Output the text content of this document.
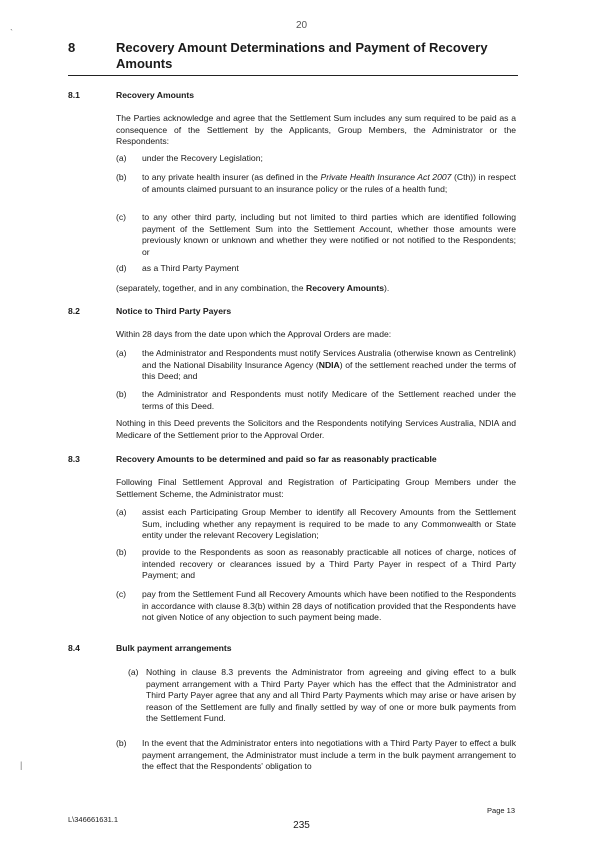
`
|
20
8	Recovery Amount Determinations and Payment of Recovery Amounts
8.1	Recovery Amounts
The Parties acknowledge and agree that the Settlement Sum includes any sum required to be paid as a consequence of the Settlement by the Applicants, Group Members, the Administrator or the Respondents:
(a) under the Recovery Legislation;
(b) to any private health insurer (as defined in the Private Health Insurance Act 2007 (Cth)) in respect of amounts claimed pursuant to an insurance policy or the rules of a health fund;
(c) to any other third party, including but not limited to third parties which are identified following payment of the Settlement Sum into the Settlement Account, whether those amounts were previously known or unknown and whether they were notified or not notified to the Respondents; or
(d) as a Third Party Payment
(separately, together, and in any combination, the Recovery Amounts).
8.2	Notice to Third Party Payers
Within 28 days from the date upon which the Approval Orders are made:
(a) the Administrator and Respondents must notify Services Australia (otherwise known as Centrelink) and the National Disability Insurance Agency (NDIA) of the settlement reached under the terms of this Deed; and
(b) the Administrator and Respondents must notify Medicare of the Settlement reached under the terms of this Deed.
Nothing in this Deed prevents the Solicitors and the Respondents notifying Services Australia, NDIA and Medicare of the Settlement prior to the Approval Order.
8.3	Recovery Amounts to be determined and paid so far as reasonably practicable
Following Final Settlement Approval and Registration of Participating Group Members under the Settlement Scheme, the Administrator must:
(a) assist each Participating Group Member to identify all Recovery Amounts from the Settlement Sum, including whether any repayment is required to be made to any Commonwealth or State entity under the relevant Recovery Legislation;
(b) provide to the Respondents as soon as reasonably practicable all notices of charge, notices of intended recovery or clearances issued by a Third Party Payer in respect of a Third Party Payment; and
(c) pay from the Settlement Fund all Recovery Amounts which have been notified to the Respondents in accordance with clause 8.3(b) within 28 days of notification provided that the Respondents have not given Notice of any objection to such payment being made.
8.4	Bulk payment arrangements
(a) Nothing in clause 8.3 prevents the Administrator from agreeing and giving effect to a bulk payment arrangement with a Third Party Payer which has the effect that the Administrator and Third Party Payer agree that any and all Third Party Payments which may arise or have arisen by reason of the Settlement are fully and finally settled by way of one or more bulk payments from the Settlement Fund.
(b) In the event that the Administrator enters into negotiations with a Third Party Payer to effect a bulk payment arrangement, the Administrator must include a term in the bulk payment arrangement to the effect that the Respondents' obligation to
Page 13
L\346661631.1
235
